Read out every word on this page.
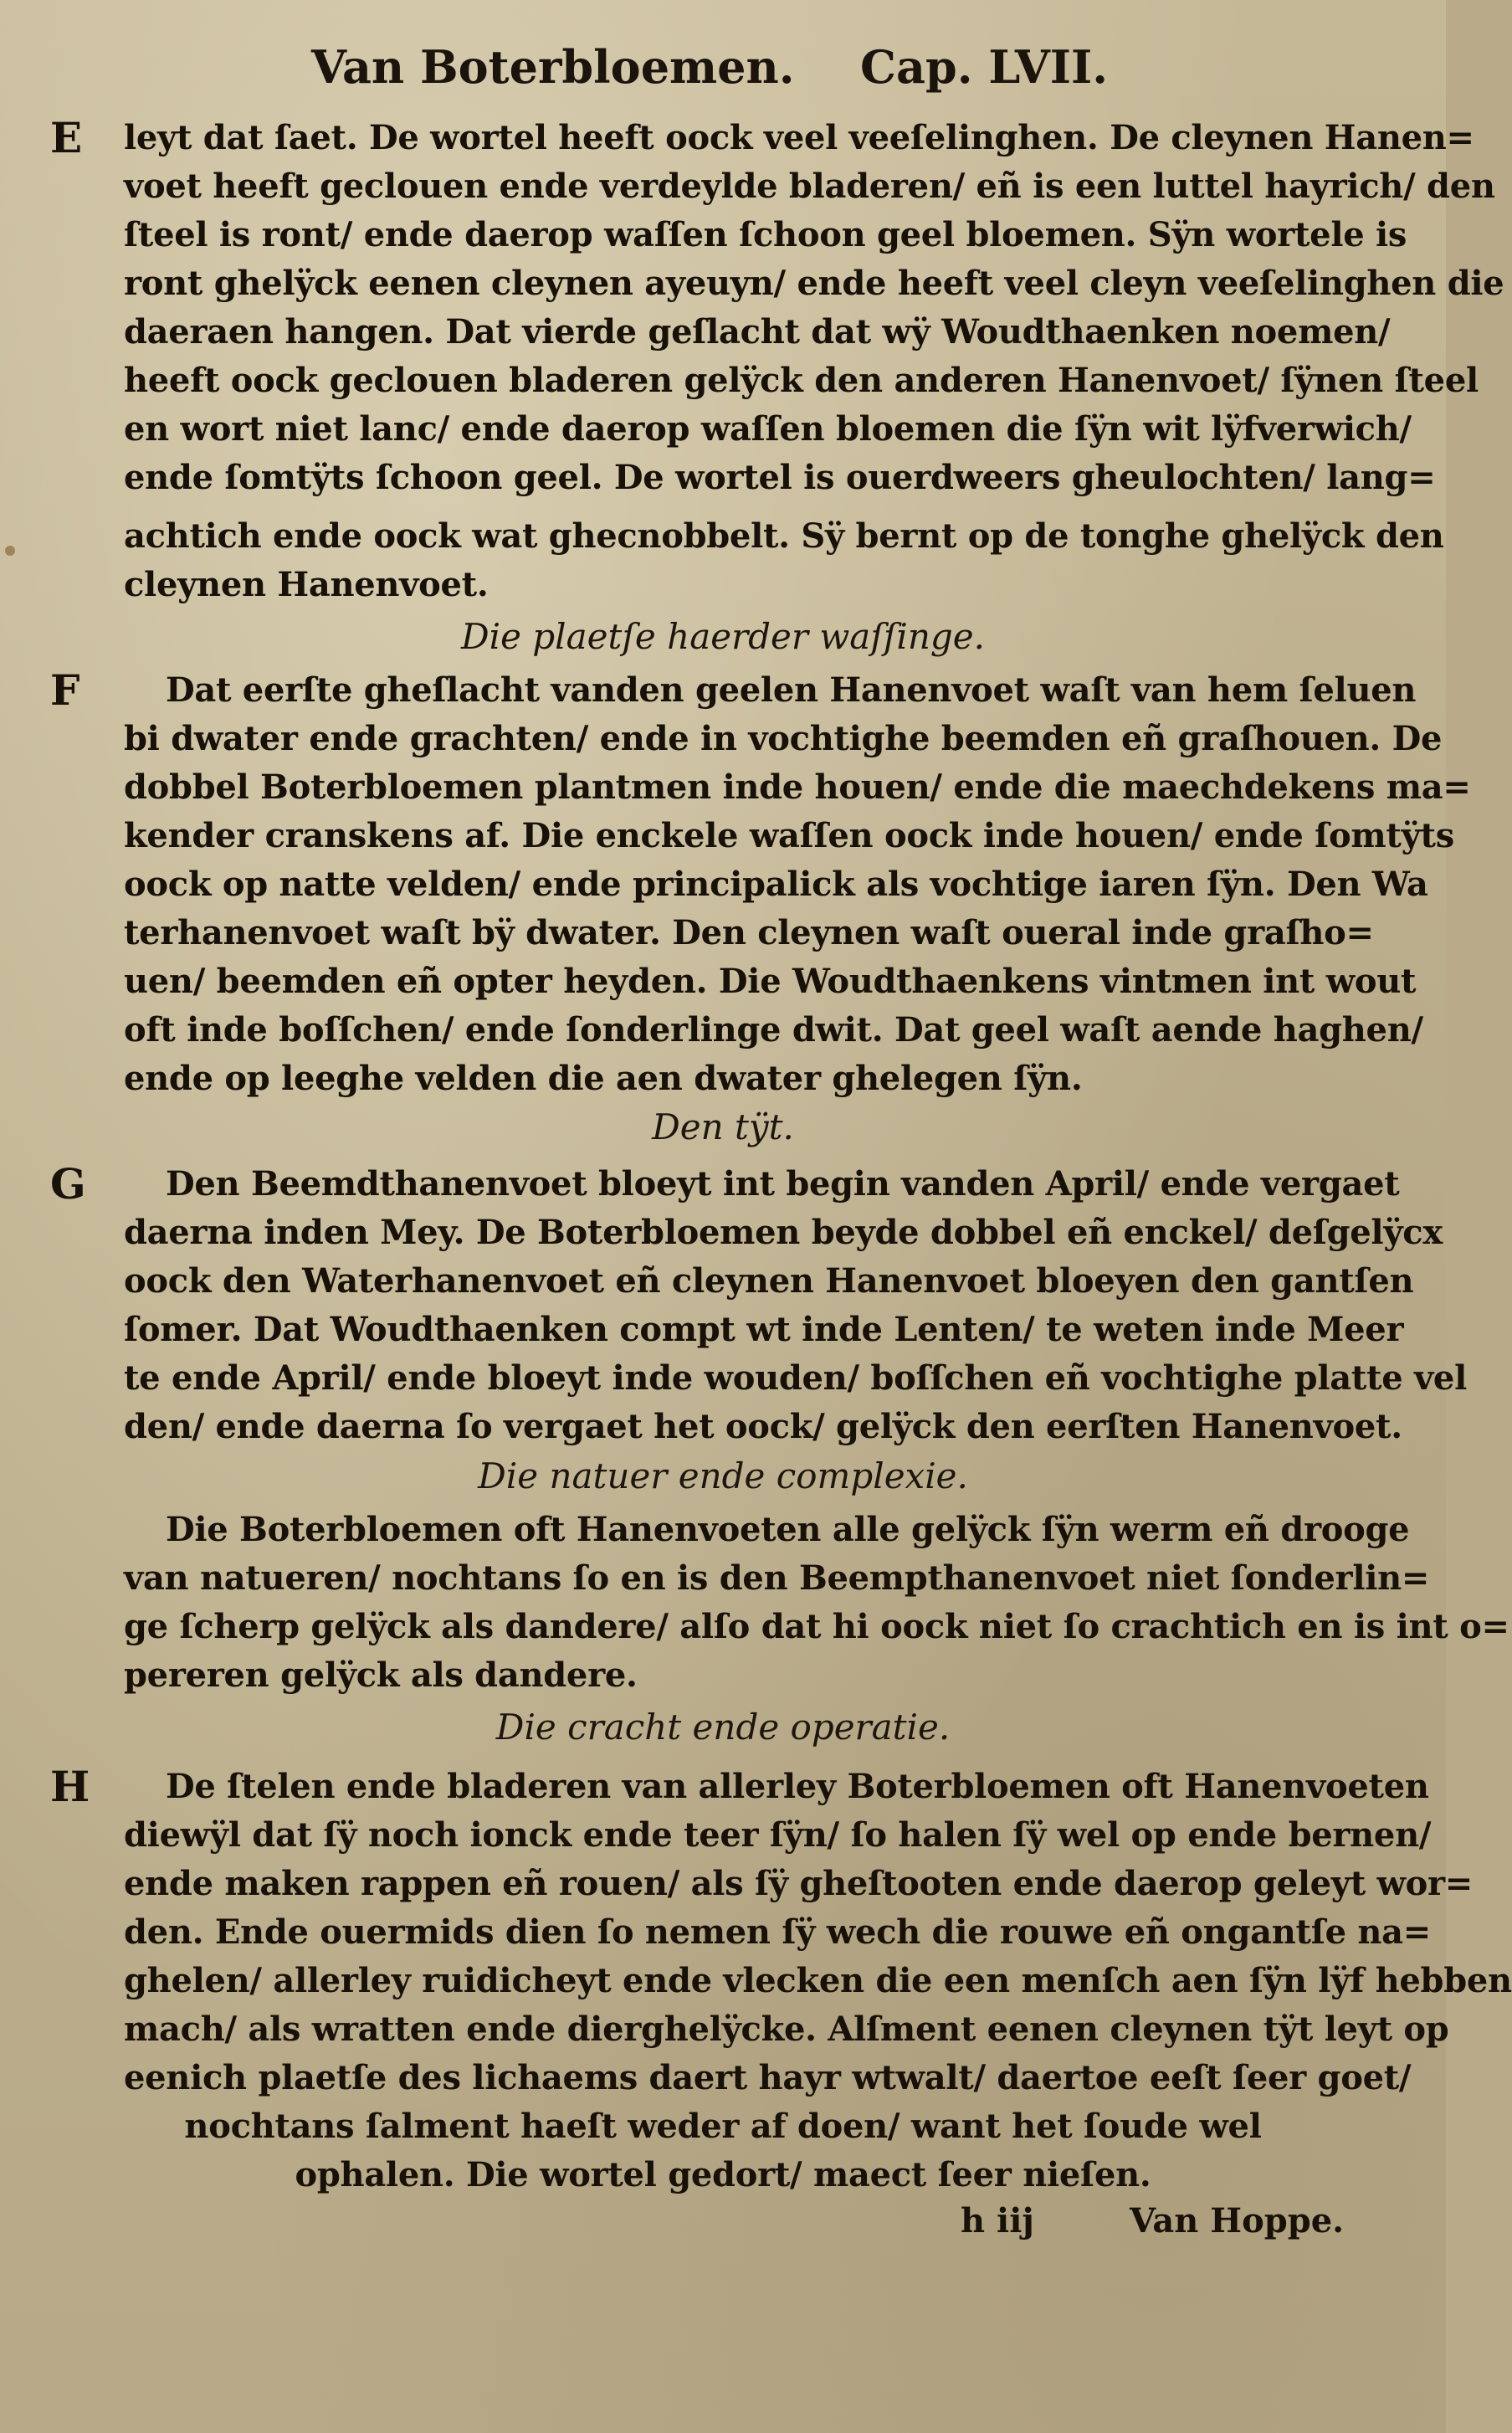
Van Boterbloemen. Cap. LVII.
E	leyt dat ſaet. De wortel heeft oock veel veeſelinghen. De cleynen Hanen=
voet heeft geclouen ende verdeylde bladeren/ eñ is een luttel hayrich/ den
ſteel is ront/ ende daerop waſſen ſchoon geel bloemen. Sÿn wortele is
ront ghelÿck eenen cleynen ayeuyn/ ende heeft veel cleyn veeſelinghen die
daeraen hangen. Dat vierde geſlacht dat wÿ Woudthaenken noemen/
heeft oock geclouen bladeren gelÿck den anderen Hanenvoet/ ſÿnen ſteel
en wort niet lanc/ ende daerop waſſen bloemen die ſÿn wit lÿfverwich/
ende ſomtÿts ſchoon geel. De wortel is ouerdweers gheulochten/ lang=
achtich ende oock wat ghecnobbelt. Sÿ bernt op de tonghe ghelÿck den
cleynen Hanenvoet.
Die plaetſe haerder waſſinge.
F	Dat eerſte gheſlacht vanden geelen Hanenvoet waſt van hem ſeluen
bi dwater ende grachten/ ende in vochtighe beemden eñ graſhouen. De
dobbel Boterbloemen plantmen inde houen/ ende die maechdekens ma=
kender cranskens af. Die enckele waſſen oock inde houen/ ende ſomtÿts
oock op natte velden/ ende principalick als vochtige iaren ſÿn. Den Wa
terhanenvoet waſt bÿ dwater. Den cleynen waſt oueral inde graſho=
uen/ beemden eñ opter heyden. Die Woudthaenkens vintmen int wout
oft inde boſſchen/ ende ſonderlinge dwit. Dat geel waſt aende haghen/
ende op leeghe velden die aen dwater ghelegen ſÿn.
Den tÿt.
G	Den Beemdthanenvoet bloeyt int begin vanden April/ ende vergaet
daerna inden Mey. De Boterbloemen beyde dobbel eñ enckel/ deſgelÿcx
oock den Waterhanenvoet eñ cleynen Hanenvoet bloeyen den gantſen
ſomer. Dat Woudthaenken compt wt inde Lenten/ te weten inde Meer
te ende April/ ende bloeyt inde wouden/ boſſchen eñ vochtighe platte vel
den/ ende daerna ſo vergaet het oock/ gelÿck den eerſten Hanenvoet.
Die natuer ende complexie.
Die Boterbloemen oft Hanenvoeten alle gelÿck ſÿn werm eñ drooge
van natueren/ nochtans ſo en is den Beempthanenvoet niet ſonderlin=
ge ſcherp gelÿck als dandere/ alſo dat hi oock niet ſo crachtich en is int o=
pereren gelÿck als dandere.
Die cracht ende operatie.
H	De ſtelen ende bladeren van allerley Boterbloemen oft Hanenvoeten
diewÿl dat ſÿ noch ionck ende teer ſÿn/ ſo halen ſÿ wel op ende bernen/
ende maken rappen eñ rouen/ als ſÿ gheſtooten ende daerop geleyt wor=
den. Ende ouermids dien ſo nemen ſÿ wech die rouwe eñ ongantſe na=
ghelen/ allerley ruidicheyt ende vlecken die een menſch aen ſÿn lÿf hebben
mach/ als wratten ende dierghelÿcke. Alſment eenen cleynen tÿt leyt op
eenich plaetſe des lichaems daert hayr wtwalt/ daertoe eeſt ſeer goet/
nochtans ſalment haeſt weder af doen/ want het ſoude wel
ophalen. Die wortel gedort/ maect ſeer nieſen.
h iij	Van Hoppe.
